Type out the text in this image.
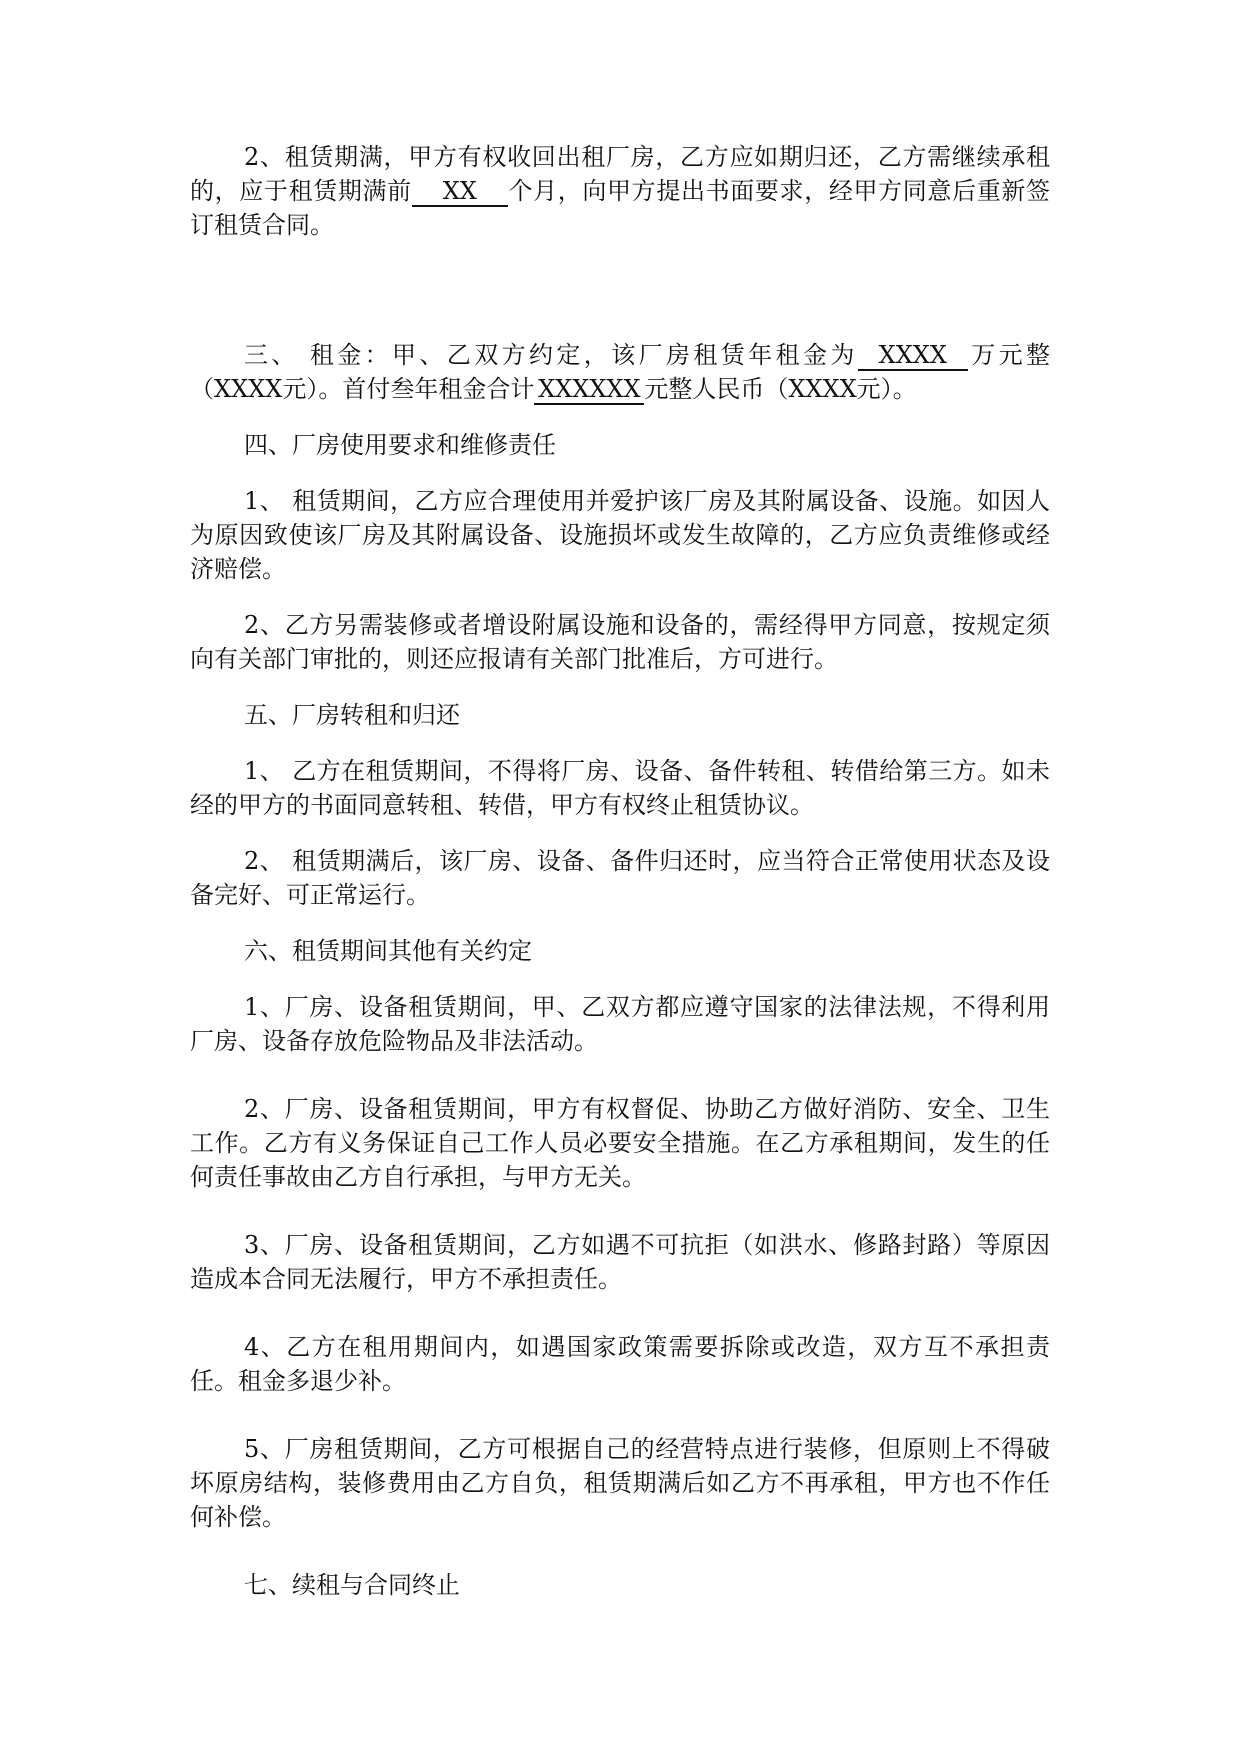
2、租赁期满，甲方有权收回出租厂房，乙方应如期归还，乙方需继续承租的，应于租赁期满前 XX 个月，向甲方提出书面要求，经甲方同意后重新签订租赁合同。

三、 租金：甲、乙双方约定，该厂房租赁年租金为 XXXX 万元整（XXXX元）。首付叁年租金合计 XXXXXX 元整人民币（XXXX元）。

四、厂房使用要求和维修责任

1、 租赁期间，乙方应合理使用并爱护该厂房及其附属设备、设施。如因人为原因致使该厂房及其附属设备、设施损坏或发生故障的，乙方应负责维修或经济赔偿。

2、乙方另需装修或者增设附属设施和设备的，需经得甲方同意，按规定须向有关部门审批的，则还应报请有关部门批准后，方可进行。

五、厂房转租和归还

1、 乙方在租赁期间，不得将厂房、设备、备件转租、转借给第三方。如未经的甲方的书面同意转租、转借，甲方有权终止租赁协议。

2、 租赁期满后，该厂房、设备、备件归还时，应当符合正常使用状态及设备完好、可正常运行。

六、租赁期间其他有关约定

1、厂房、设备租赁期间，甲、乙双方都应遵守国家的法律法规，不得利用厂房、设备存放危险物品及非法活动。

2、厂房、设备租赁期间，甲方有权督促、协助乙方做好消防、安全、卫生工作。乙方有义务保证自己工作人员必要安全措施。在乙方承租期间，发生的任何责任事故由乙方自行承担，与甲方无关。

3、厂房、设备租赁期间，乙方如遇不可抗拒（如洪水、修路封路）等原因造成本合同无法履行，甲方不承担责任。

4、乙方在租用期间内，如遇国家政策需要拆除或改造，双方互不承担责任。租金多退少补。

5、厂房租赁期间，乙方可根据自己的经营特点进行装修，但原则上不得破坏原房结构，装修费用由乙方自负，租赁期满后如乙方不再承租，甲方也不作任何补偿。

七、续租与合同终止
